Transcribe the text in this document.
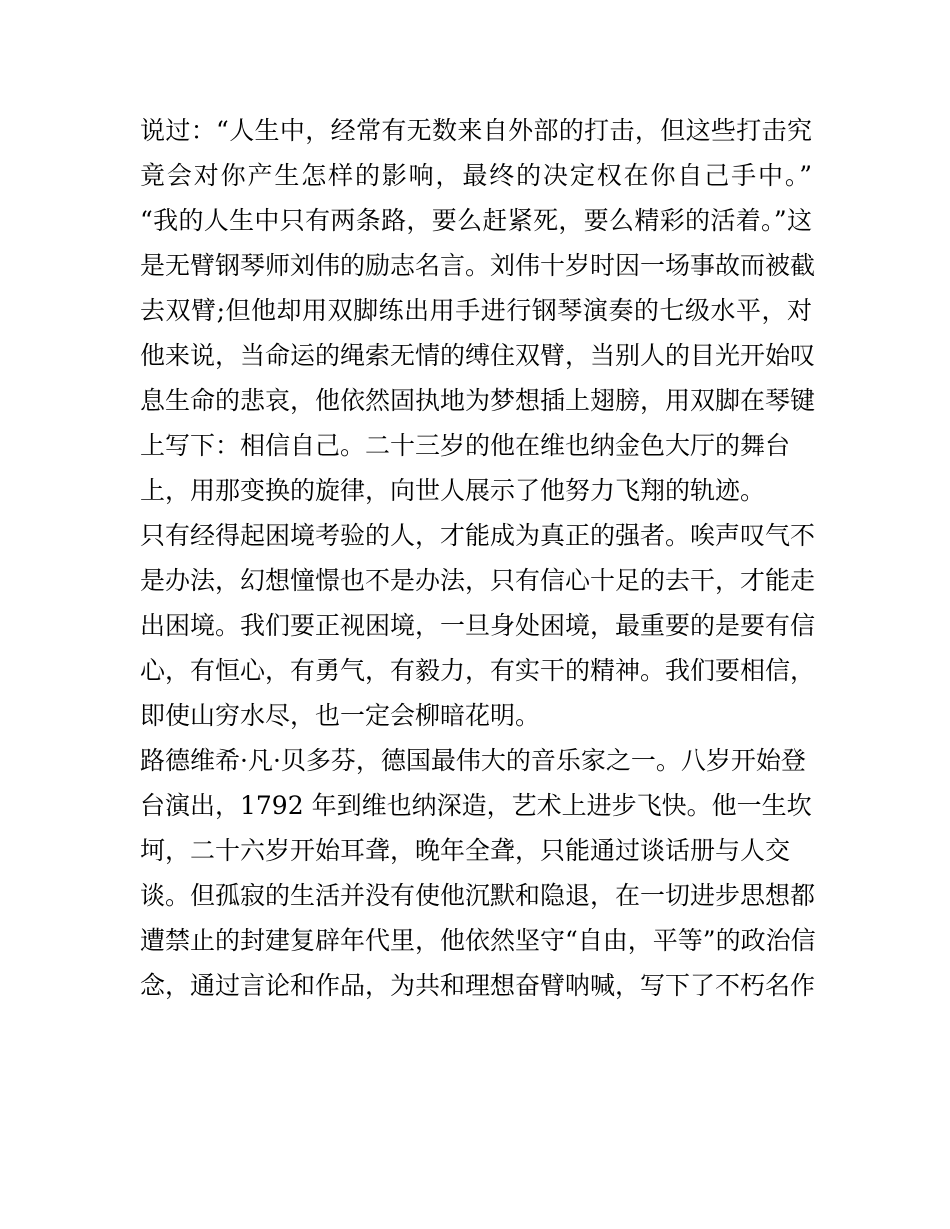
说过：“人生中，经常有无数来自外部的打击，但这些打击究
竟会对你产生怎样的影响，最终的决定权在你自己手中。”
“我的人生中只有两条路，要么赶紧死，要么精彩的活着。”这
是无臂钢琴师刘伟的励志名言。刘伟十岁时因一场事故而被截
去双臂;但他却用双脚练出用手进行钢琴演奏的七级水平，对
他来说，当命运的绳索无情的缚住双臂，当别人的目光开始叹
息生命的悲哀，他依然固执地为梦想插上翅膀，用双脚在琴键
上写下：相信自己。二十三岁的他在维也纳金色大厅的舞台
上，用那变换的旋律，向世人展示了他努力飞翔的轨迹。
只有经得起困境考验的人，才能成为真正的强者。唉声叹气不
是办法，幻想憧憬也不是办法，只有信心十足的去干，才能走
出困境。我们要正视困境，一旦身处困境，最重要的是要有信
心，有恒心，有勇气，有毅力，有实干的精神。我们要相信，
即使山穷水尽，也一定会柳暗花明。
路德维希·凡·贝多芬，德国最伟大的音乐家之一。八岁开始登
台演出，1792 年到维也纳深造，艺术上进步飞快。他一生坎
坷，二十六岁开始耳聋，晚年全聋，只能通过谈话册与人交
谈。但孤寂的生活并没有使他沉默和隐退，在一切进步思想都
遭禁止的封建复辟年代里，他依然坚守“自由，平等”的政治信
念，通过言论和作品，为共和理想奋臂呐喊，写下了不朽名作
